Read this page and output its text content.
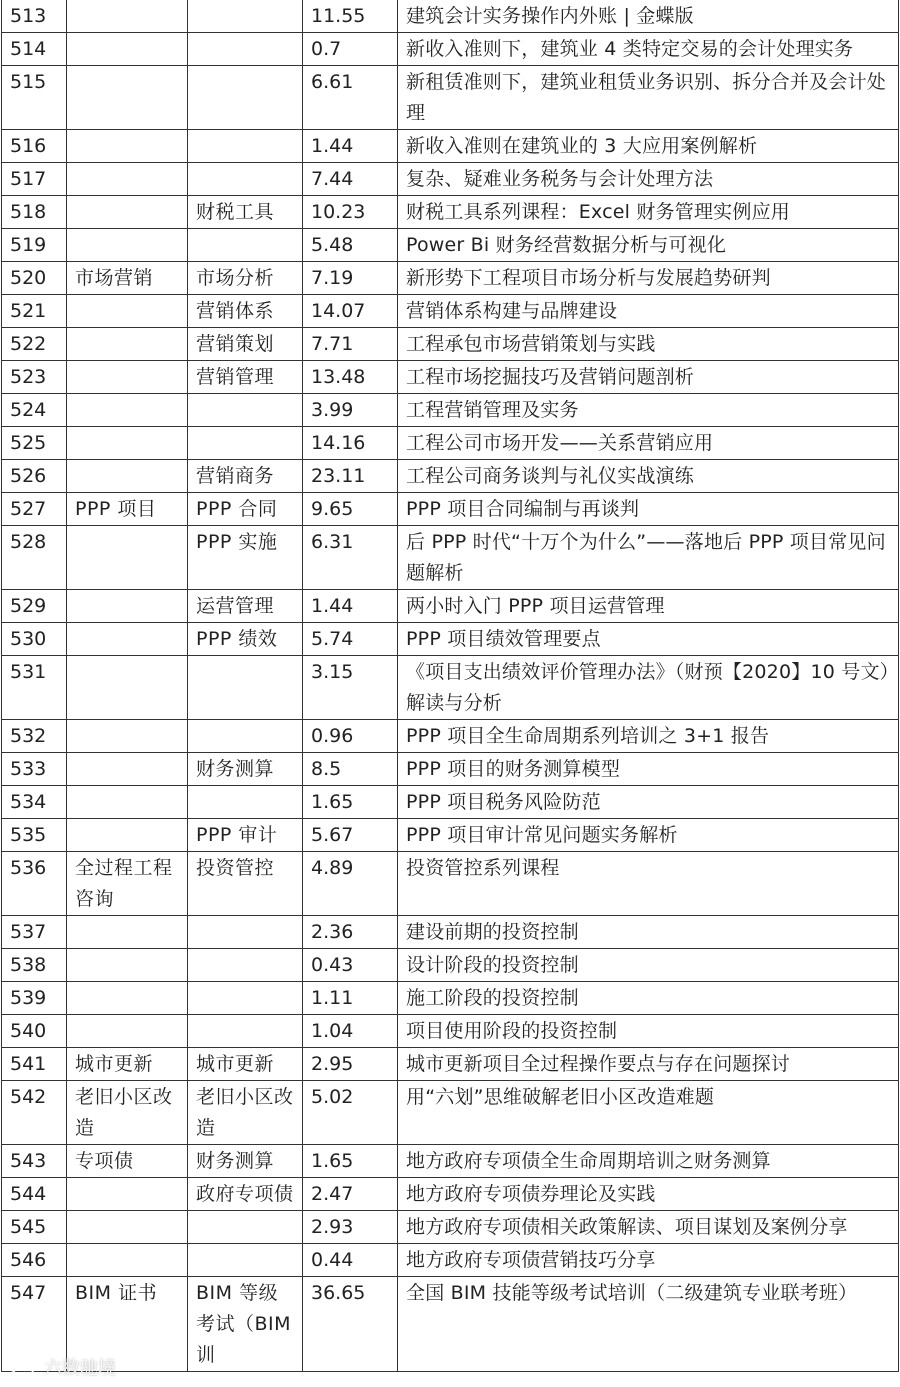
513			11.55	建筑会计实务操作内外账 | 金蝶版
514			0.7	新收入准则下，建筑业 4 类特定交易的会计处理实务
515			6.61	新租赁准则下，建筑业租赁业务识别、拆分合并及会计处理
516			1.44	新收入准则在建筑业的 3 大应用案例解析
517			7.44	复杂、疑难业务税务与会计处理方法
518		财税工具	10.23	财税工具系列课程：Excel 财务管理实例应用
519			5.48	Power Bi 财务经营数据分析与可视化
520	市场营销	市场分析	7.19	新形势下工程项目市场分析与发展趋势研判
521		营销体系	14.07	营销体系构建与品牌建设
522		营销策划	7.71	工程承包市场营销策划与实践
523		营销管理	13.48	工程市场挖掘技巧及营销问题剖析
524			3.99	工程营销管理及实务
525			14.16	工程公司市场开发——关系营销应用
526		营销商务	23.11	工程公司商务谈判与礼仪实战演练
527	PPP 项目	PPP 合同	9.65	PPP 项目合同编制与再谈判
528		PPP 实施	6.31	后 PPP 时代“十万个为什么”——落地后 PPP 项目常见问题解析
529		运营管理	1.44	两小时入门 PPP 项目运营管理
530		PPP 绩效	5.74	PPP 项目绩效管理要点
531			3.15	《项目支出绩效评价管理办法》（财预【2020】10 号文）解读与分析
532			0.96	PPP 项目全生命周期系列培训之 3+1 报告
533		财务测算	8.5	PPP 项目的财务测算模型
534			1.65	PPP 项目税务风险防范
535		PPP 审计	5.67	PPP 项目审计常见问题实务解析
536	全过程工程咨询	投资管控	4.89	投资管控系列课程
537			2.36	建设前期的投资控制
538			0.43	设计阶段的投资控制
539			1.11	施工阶段的投资控制
540			1.04	项目使用阶段的投资控制
541	城市更新	城市更新	2.95	城市更新项目全过程操作要点与存在问题探讨
542	老旧小区改造	老旧小区改造	5.02	用“六划”思维破解老旧小区改造难题
543	专项债	财务测算	1.65	地方政府专项债全生命周期培训之财务测算
544		政府专项债	2.47	地方政府专项债券理论及实践
545			2.93	地方政府专项债相关政策解读、项目谋划及案例分享
546			0.44	地方政府专项债营销技巧分享
547	BIM 证书	BIM 等级考试（BIM 训	36.65	全国 BIM 技能等级考试培训（二级建筑专业联考班）
六数驰境
